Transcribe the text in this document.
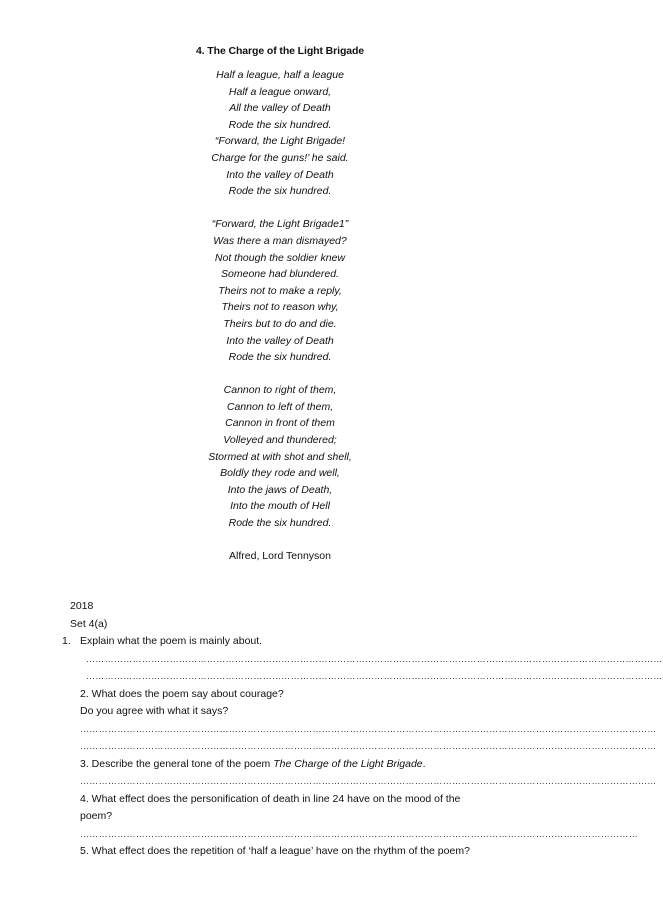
4. The Charge of the Light Brigade
Half a league, half a league
Half a league onward,
All the valley of Death
Rode the six hundred.
“Forward, the Light Brigade!
Charge for the guns!’ he said.
Into the valley of Death
Rode the six hundred.
“Forward, the Light Brigade1”
Was there a man dismayed?
Not though the soldier knew
Someone had blundered.
Theirs not to make a reply,
Theirs not to reason why,
Theirs but to do and die.
Into the valley of Death
Rode the six hundred.
Cannon to right of them,
Cannon to left of them,
Cannon in front of them
Volleyed and thundered;
Stormed at with shot and shell,
Boldly they rode and well,
Into the jaws of Death,
Into the mouth of Hell
Rode the six hundred.
Alfred, Lord Tennyson
2018
Set 4(a)
1. Explain what the poem is mainly about.
……………………………………………………………………………………………………………………………………………………………………
……………………………………………………………………………………………………………………………………………………………………
2. What does the poem say about courage?
Do you agree with what it says?
……………………………………………………………………………………………………………………………………………………………………
……………………………………………………………………………………………………………………………………………………………………
3. Describe the general tone of the poem The Charge of the Light Brigade.
……………………………………………………………………………………………………………………………………………………………………
4. What effect does the personification of death in line 24 have on the mood of the
poem?
………………………………………………………………………………………………………………………………………………………………
5. What effect does the repetition of ‘half a league’ have on the rhythm of the poem?
